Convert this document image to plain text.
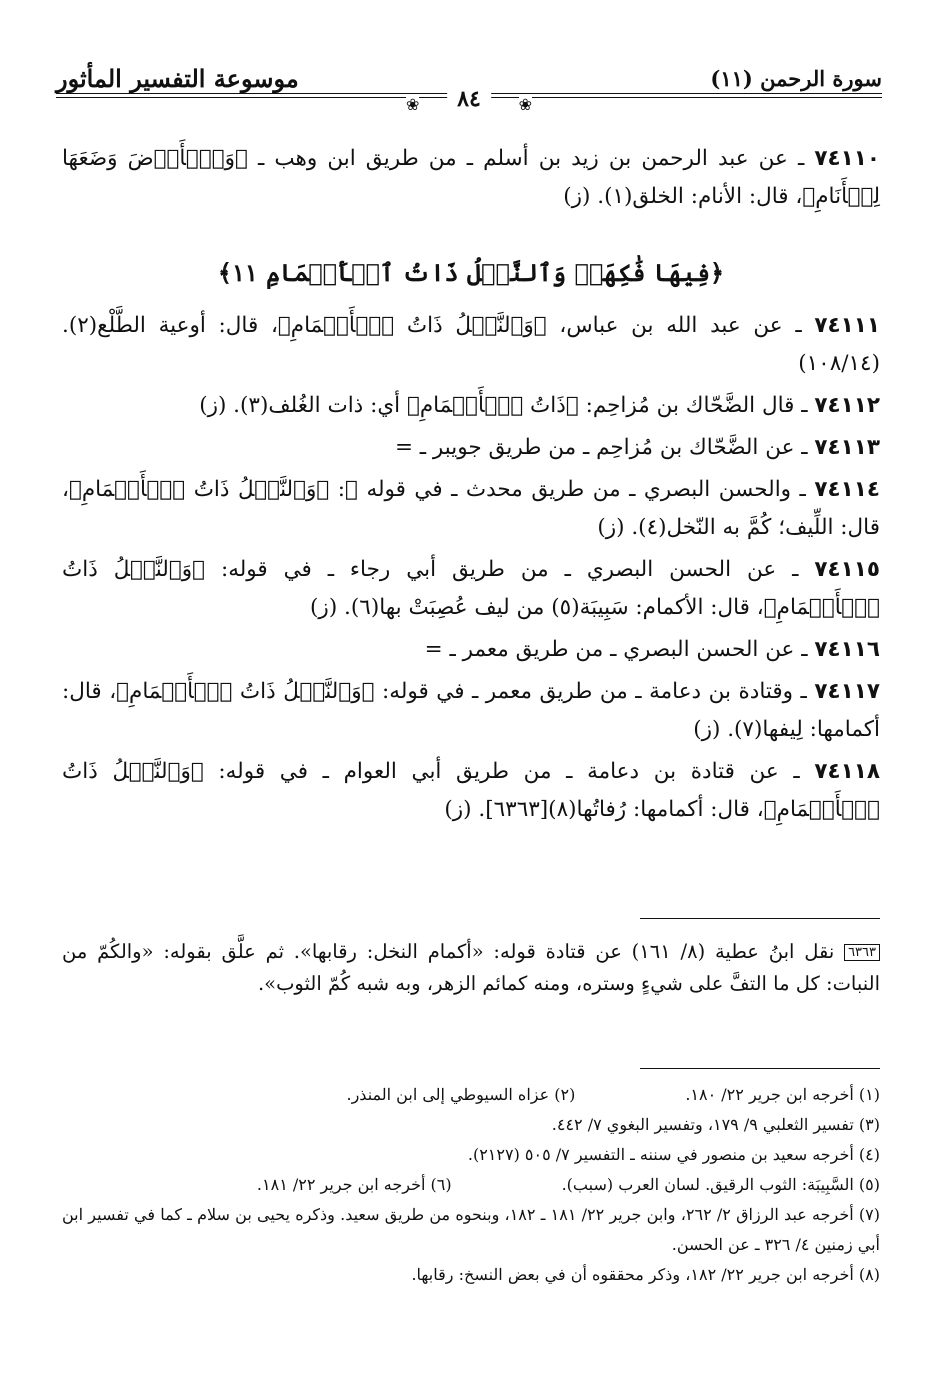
موسوعة التفسير المأثور	سورة الرحمن (١١)
❀	٨٤	❀

٧٤١١٠ ـ عن عبد الرحمن بن زيد بن أسلم ـ من طريق ابن وهب ـ ﴿وَٱلۡأَرۡضَ وَضَعَهَا لِلۡأَنَامِ﴾، قال: الأنام: الخلق(١). (ز)

﴿فِيهَا فَٰكِهَةٞ وَٱلنَّخۡلُ ذَاتُ ٱلۡأَكۡمَامِ ١١﴾

٧٤١١١ ـ عن عبد الله بن عباس، ﴿وَٱلنَّخۡلُ ذَاتُ ٱلۡأَكۡمَامِ﴾، قال: أوعية الطَّلْع(٢). (١٠٨/١٤)

٧٤١١٢ ـ قال الضَّحّاك بن مُزاحِم: ﴿ذَاتُ ٱلۡأَكۡمَامِ﴾ أي: ذات الغُلف(٣). (ز)

٧٤١١٣ ـ عن الضَّحّاك بن مُزاحِم ـ من طريق جويبر ـ =

٧٤١١٤ ـ والحسن البصري ـ من طريق محدث ـ في قوله ﷻ: ﴿وَٱلنَّخۡلُ ذَاتُ ٱلۡأَكۡمَامِ﴾، قال: اللِّيف؛ كُمَّ به النّخل(٤). (ز)

٧٤١١٥ ـ عن الحسن البصري ـ من طريق أبي رجاء ـ في قوله: ﴿وَٱلنَّخۡلُ ذَاتُ ٱلۡأَكۡمَامِ﴾، قال: الأكمام: سَبِيبَة(٥) من ليف عُصِبَتْ بها(٦). (ز)

٧٤١١٦ ـ عن الحسن البصري ـ من طريق معمر ـ =

٧٤١١٧ ـ وقتادة بن دعامة ـ من طريق معمر ـ في قوله: ﴿وَٱلنَّخۡلُ ذَاتُ ٱلۡأَكۡمَامِ﴾، قال: أكمامها: لِيفها(٧). (ز)

٧٤١١٨ ـ عن قتادة بن دعامة ـ من طريق أبي العوام ـ في قوله: ﴿وَٱلنَّخۡلُ ذَاتُ ٱلۡأَكۡمَامِ﴾، قال: أكمامها: رُفاتُها(٨)[٦٣٦٣]. (ز)

٦٣٦٣ نقل ابنُ عطية (٨/ ١٦١) عن قتادة قوله: «أكمام النخل: رقابها». ثم علَّق بقوله: «والكُمّ من النبات: كل ما التفَّ على شيءٍ وستره، ومنه كمائم الزهر، وبه شبه كُمّ الثوب».
(١) أخرجه ابن جرير ٢٢/ ١٨٠.
(٢) عزاه السيوطي إلى ابن المنذر.
(٣) تفسير الثعلبي ٩/ ١٧٩، وتفسير البغوي ٧/ ٤٤٢.
(٤) أخرجه سعيد بن منصور في سننه ـ التفسير ٧/ ٥٠٥ (٢١٢٧).
(٥) السَّبِيبَة: الثوب الرقيق. لسان العرب (سبب).
(٦) أخرجه ابن جرير ٢٢/ ١٨١.
(٧) أخرجه عبد الرزاق ٢/ ٢٦٢، وابن جرير ٢٢/ ١٨١ ـ ١٨٢، وبنحوه من طريق سعيد. وذكره يحيى بن سلام ـ كما في تفسير ابن أبي زمنين ٤/ ٣٢٦ ـ عن الحسن.
(٨) أخرجه ابن جرير ٢٢/ ١٨٢، وذكر محققوه أن في بعض النسخ: رقابها.
